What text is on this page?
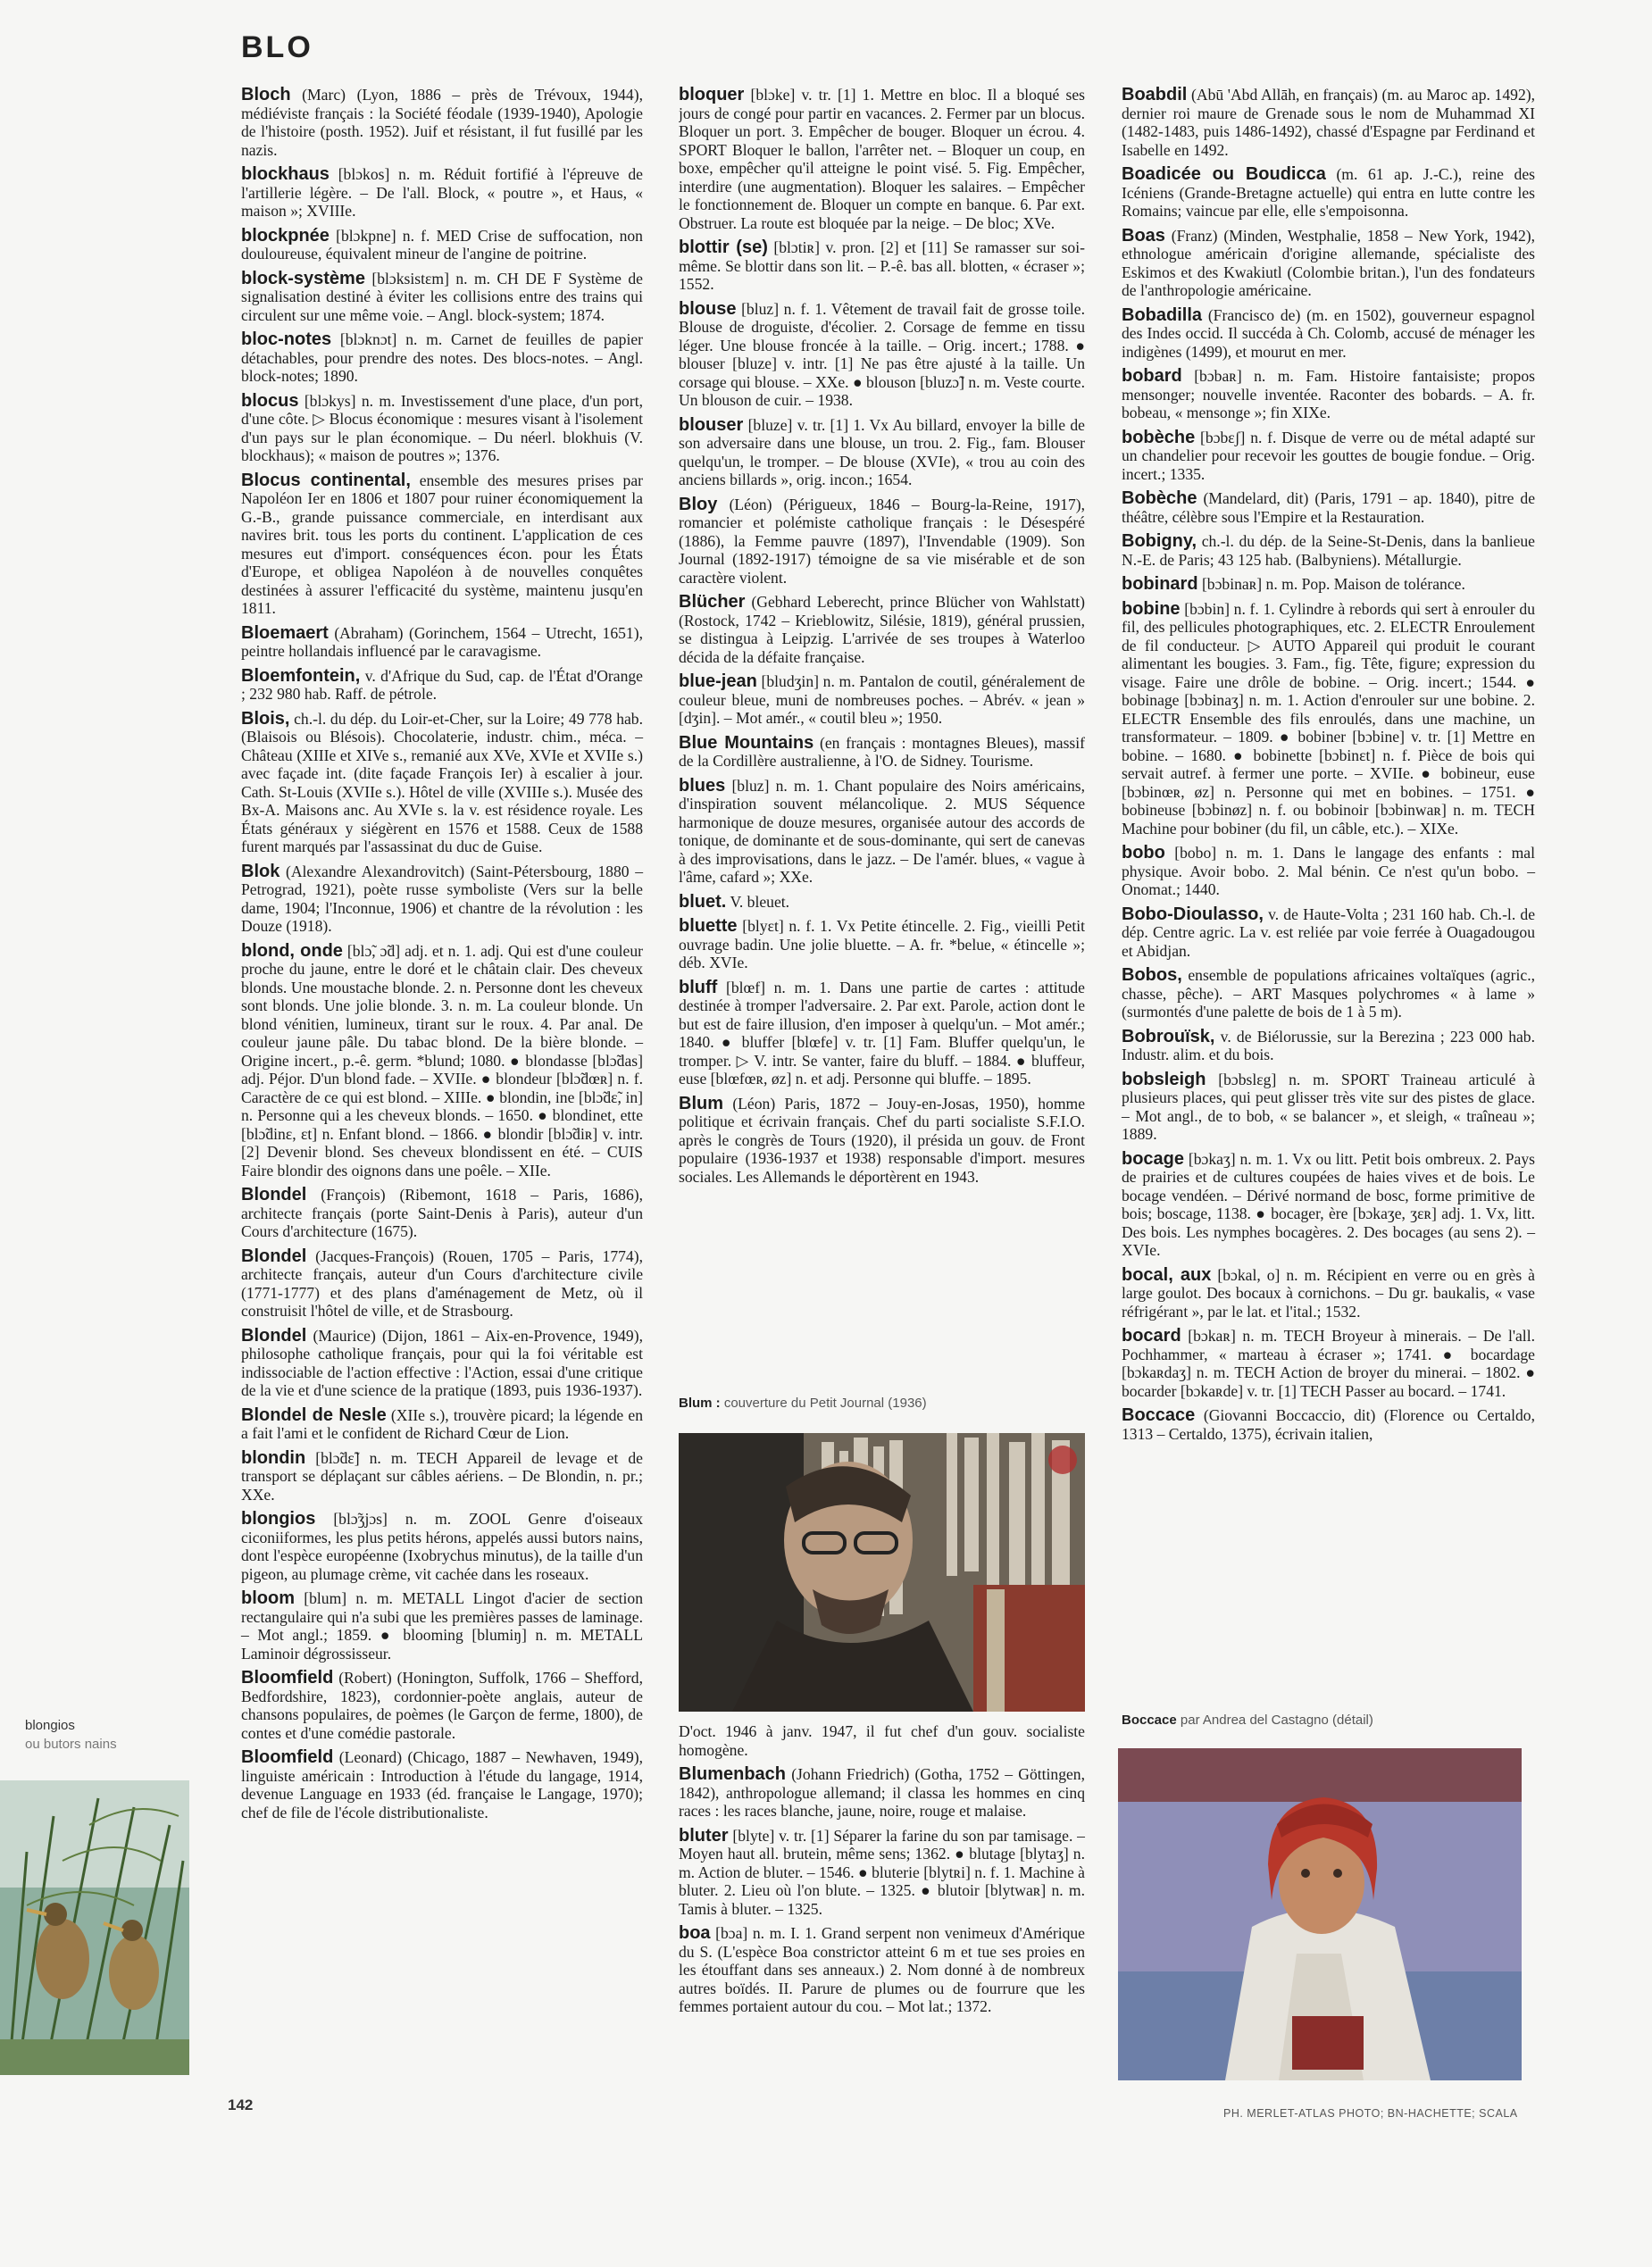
BLO
Bloch (Marc) (Lyon, 1886 – près de Trévoux, 1944), médiéviste français : la Société féodale (1939-1940), Apologie de l'histoire (posth. 1952). Juif et résistant, il fut fusillé par les nazis.
blockhaus [blɔkos] n. m. Réduit fortifié à l'épreuve de l'artillerie légère. – De l'all. Block, « poutre », et Haus, « maison »; XVIIIe.
blockpnée [blɔkpne] n. f. MED Crise de suffocation, non douloureuse, équivalent mineur de l'angine de poitrine.
block-système [blɔksistɛm] n. m. CH DE F Système de signalisation destiné à éviter les collisions entre des trains qui circulent sur une même voie. – Angl. block-system; 1874.
bloc-notes [blɔknɔt] n. m. Carnet de feuilles de papier détachables, pour prendre des notes. Des blocs-notes. – Angl. block-notes; 1890.
blocus [blɔkys] n. m. Investissement d'une place, d'un port, d'une côte. ▷ Blocus économique : mesures visant à l'isolement d'un pays sur le plan économique. – Du néerl. blokhuis (V. blockhaus); « maison de poutres »; 1376.
Blocus continental, ensemble des mesures prises par Napoléon Ier en 1806 et 1807 pour ruiner économiquement la G.-B., grande puissance commerciale, en interdisant aux navires brit. tous les ports du continent. L'application de ces mesures eut d'import. conséquences écon. pour les États d'Europe, et obligea Napoléon à de nouvelles conquêtes destinées à assurer l'efficacité du système, maintenu jusqu'en 1811.
Bloemaert (Abraham) (Gorinchem, 1564 – Utrecht, 1651), peintre hollandais influencé par le caravagisme.
Bloemfontein, v. d'Afrique du Sud, cap. de l'État d'Orange ; 232 980 hab. Raff. de pétrole.
Blois, ch.-l. du dép. du Loir-et-Cher, sur la Loire; 49 778 hab. (Blaisois ou Blésois). Chocolaterie, industr. chim., méca. – Château (XIIIe et XIVe s., remanié aux XVe, XVIe et XVIIe s.) avec façade int. (dite façade François Ier) à escalier à jour. Cath. St-Louis (XVIIe s.). Hôtel de ville (XVIIIe s.). Musée des Bx-A. Maisons anc. Au XVIe s. la v. est résidence royale. Les États généraux y siégèrent en 1576 et 1588. Ceux de 1588 furent marqués par l'assassinat du duc de Guise.
Blok (Alexandre Alexandrovitch) (Saint-Pétersbourg, 1880 – Petrograd, 1921), poète russe symboliste (Vers sur la belle dame, 1904; l'Inconnue, 1906) et chantre de la révolution : les Douze (1918).
blond, onde [blɔ̃, ɔ̃d] adj. et n. 1. adj. Qui est d'une couleur proche du jaune, entre le doré et le châtain clair. Des cheveux blonds. Une moustache blonde. 2. n. Personne dont les cheveux sont blonds. Une jolie blonde. 3. n. m. La couleur blonde. Un blond vénitien, lumineux, tirant sur le roux. 4. Par anal. De couleur jaune pâle. Du tabac blond. De la bière blonde. – Origine incert., p.-ê. germ. *blund; 1080. ● blondasse [blɔ̃das] adj. Péjor. D'un blond fade. – XVIIe. ● blondeur [blɔ̃dœʀ] n. f. Caractère de ce qui est blond. – XIIIe. ● blondin, ine [blɔ̃dɛ̃, in] n. Personne qui a les cheveux blonds. – 1650. ● blondinet, ette [blɔ̃dinɛ, ɛt] n. Enfant blond. – 1866. ● blondir [blɔ̃diʀ] v. intr. [2] Devenir blond. Ses cheveux blondissent en été. – CUIS Faire blondir des oignons dans une poêle. – XIIe.
Blondel (François) (Ribemont, 1618 – Paris, 1686), architecte français (porte Saint-Denis à Paris), auteur d'un Cours d'architecture (1675).
Blondel (Jacques-François) (Rouen, 1705 – Paris, 1774), architecte français, auteur d'un Cours d'architecture civile (1771-1777) et des plans d'aménagement de Metz, où il construisit l'hôtel de ville, et de Strasbourg.
Blondel (Maurice) (Dijon, 1861 – Aix-en-Provence, 1949), philosophe catholique français, pour qui la foi véritable est indissociable de l'action effective : l'Action, essai d'une critique de la vie et d'une science de la pratique (1893, puis 1936-1937).
Blondel de Nesle (XIIe s.), trouvère picard; la légende en a fait l'ami et le confident de Richard Cœur de Lion.
blondin [blɔ̃dɛ̃] n. m. TECH Appareil de levage et de transport se déplaçant sur câbles aériens. – De Blondin, n. pr.; XXe.
blongios [blɔ̃ʒjɔs] n. m. ZOOL Genre d'oiseaux ciconiiformes, les plus petits hérons, appelés aussi butors nains, dont l'espèce européenne (Ixobrychus minutus), de la taille d'un pigeon, au plumage crème, vit cachée dans les roseaux.
bloom [blum] n. m. METALL Lingot d'acier de section rectangulaire qui n'a subi que les premières passes de laminage. – Mot angl.; 1859. ● blooming [blumiŋ] n. m. METALL Laminoir dégrossisseur.
Bloomfield (Robert) (Honington, Suffolk, 1766 – Shefford, Bedfordshire, 1823), cordonnier-poète anglais, auteur de chansons populaires, de poèmes (le Garçon de ferme, 1800), de contes et d'une comédie pastorale.
Bloomfield (Leonard) (Chicago, 1887 – Newhaven, 1949), linguiste américain : Introduction à l'étude du langage, 1914, devenue Language en 1933 (éd. française le Langage, 1970); chef de file de l'école distributionaliste.
bloquer [blɔke] v. tr. [1] 1. Mettre en bloc. Il a bloqué ses jours de congé pour partir en vacances. 2. Fermer par un blocus. Bloquer un port. 3. Empêcher de bouger. Bloquer un écrou. 4. SPORT Bloquer le ballon, l'arrêter net. – Bloquer un coup, en boxe, empêcher qu'il atteigne le point visé. 5. Fig. Empêcher, interdire (une augmentation). Bloquer les salaires. – Empêcher le fonctionnement de. Bloquer un compte en banque. 6. Par ext. Obstruer. La route est bloquée par la neige. – De bloc; XVe.
blottir (se) [blɔtiʀ] v. pron. [2] et [11] Se ramasser sur soi-même. Se blottir dans son lit. – P.-ê. bas all. blotten, « écraser »; 1552.
blouse [bluz] n. f. 1. Vêtement de travail fait de grosse toile. Blouse de droguiste, d'écolier. 2. Corsage de femme en tissu léger. Une blouse froncée à la taille. – Orig. incert.; 1788. ● blouser [bluze] v. intr. [1] Ne pas être ajusté à la taille. Un corsage qui blouse. – XXe. ● blouson [bluzɔ̃] n. m. Veste courte. Un blouson de cuir. – 1938.
blouser [bluze] v. tr. [1] 1. Vx Au billard, envoyer la bille de son adversaire dans une blouse, un trou. 2. Fig., fam. Blouser quelqu'un, le tromper. – De blouse (XVIe), « trou au coin des anciens billards », orig. incon.; 1654.
Bloy (Léon) (Périgueux, 1846 – Bourg-la-Reine, 1917), romancier et polémiste catholique français : le Désespéré (1886), la Femme pauvre (1897), l'Invendable (1909). Son Journal (1892-1917) témoigne de sa vie misérable et de son caractère violent.
Blücher (Gebhard Leberecht, prince Blücher von Wahlstatt) (Rostock, 1742 – Krieblowitz, Silésie, 1819), général prussien, se distingua à Leipzig. L'arrivée de ses troupes à Waterloo décida de la défaite française.
blue-jean [bludʒin] n. m. Pantalon de coutil, généralement de couleur bleue, muni de nombreuses poches. – Abrév. « jean » [dʒin]. – Mot amér., « coutil bleu »; 1950.
Blue Mountains (en français : montagnes Bleues), massif de la Cordillère australienne, à l'O. de Sidney. Tourisme.
blues [bluz] n. m. 1. Chant populaire des Noirs américains, d'inspiration souvent mélancolique. 2. MUS Séquence harmonique de douze mesures, organisée autour des accords de tonique, de dominante et de sous-dominante, qui sert de canevas à des improvisations, dans le jazz. – De l'amér. blues, « vague à l'âme, cafard »; XXe.
bluet. V. bleuet.
bluette [blyɛt] n. f. 1. Vx Petite étincelle. 2. Fig., vieilli Petit ouvrage badin. Une jolie bluette. – A. fr. *belue, « étincelle »; déb. XVIe.
bluff [blœf] n. m. 1. Dans une partie de cartes : attitude destinée à tromper l'adversaire. 2. Par ext. Parole, action dont le but est de faire illusion, d'en imposer à quelqu'un. – Mot amér.; 1840. ● bluffer [blœfe] v. tr. [1] Fam. Bluffer quelqu'un, le tromper. ▷ V. intr. Se vanter, faire du bluff. – 1884. ● bluffeur, euse [blœfœʀ, øz] n. et adj. Personne qui bluffe. – 1895.
Blum (Léon) Paris, 1872 – Jouy-en-Josas, 1950), homme politique et écrivain français. Chef du parti socialiste S.F.I.O. après le congrès de Tours (1920), il présida un gouv. de Front populaire (1936-1937 et 1938) responsable d'import. mesures sociales. Les Allemands le déportèrent en 1943.
Blum : couverture du Petit Journal (1936)
D'oct. 1946 à janv. 1947, il fut chef d'un gouv. socialiste homogène.
Blumenbach (Johann Friedrich) (Gotha, 1752 – Göttingen, 1842), anthropologue allemand; il classa les hommes en cinq races : les races blanche, jaune, noire, rouge et malaise.
bluter [blyte] v. tr. [1] Séparer la farine du son par tamisage. – Moyen haut all. brutein, même sens; 1362. ● blutage [blytaʒ] n. m. Action de bluter. – 1546. ● bluterie [blytʀi] n. f. 1. Machine à bluter. 2. Lieu où l'on blute. – 1325. ● blutoir [blytwaʀ] n. m. Tamis à bluter. – 1325.
boa [bɔa] n. m. I. 1. Grand serpent non venimeux d'Amérique du S. (L'espèce Boa constrictor atteint 6 m et tue ses proies en les étouffant dans ses anneaux.) 2. Nom donné à de nombreux autres boïdés. II. Parure de plumes ou de fourrure que les femmes portaient autour du cou. – Mot lat.; 1372.
Boabdil (Abū 'Abd Allāh, en français) (m. au Maroc ap. 1492), dernier roi maure de Grenade sous le nom de Muhammad XI (1482-1483, puis 1486-1492), chassé d'Espagne par Ferdinand et Isabelle en 1492.
Boadicée ou Boudicca (m. 61 ap. J.-C.), reine des Icéniens (Grande-Bretagne actuelle) qui entra en lutte contre les Romains; vaincue par elle, elle s'empoisonna.
Boas (Franz) (Minden, Westphalie, 1858 – New York, 1942), ethnologue américain d'origine allemande, spécialiste des Eskimos et des Kwakiutl (Colombie britan.), l'un des fondateurs de l'anthropologie américaine.
Bobadilla (Francisco de) (m. en 1502), gouverneur espagnol des Indes occid. Il succéda à Ch. Colomb, accusé de ménager les indigènes (1499), et mourut en mer.
bobard [bɔbaʀ] n. m. Fam. Histoire fantaisiste; propos mensonger; nouvelle inventée. Raconter des bobards. – A. fr. bobeau, « mensonge »; fin XIXe.
bobèche [bɔbɛʃ] n. f. Disque de verre ou de métal adapté sur un chandelier pour recevoir les gouttes de bougie fondue. – Orig. incert.; 1335.
Bobèche (Mandelard, dit) (Paris, 1791 – ap. 1840), pitre de théâtre, célèbre sous l'Empire et la Restauration.
Bobigny, ch.-l. du dép. de la Seine-St-Denis, dans la banlieue N.-E. de Paris; 43 125 hab. (Balbyniens). Métallurgie.
bobinard [bɔbinaʀ] n. m. Pop. Maison de tolérance.
bobine [bɔbin] n. f. 1. Cylindre à rebords qui sert à enrouler du fil, des pellicules photographiques, etc. 2. ELECTR Enroulement de fil conducteur. ▷ AUTO Appareil qui produit le courant alimentant les bougies. 3. Fam., fig. Tête, figure; expression du visage. Faire une drôle de bobine. – Orig. incert.; 1544. ● bobinage [bɔbinaʒ] n. m. 1. Action d'enrouler sur une bobine. 2. ELECTR Ensemble des fils enroulés, dans une machine, un transformateur. – 1809. ● bobiner [bɔbine] v. tr. [1] Mettre en bobine. – 1680. ● bobinette [bɔbinɛt] n. f. Pièce de bois qui servait autref. à fermer une porte. – XVIIe. ● bobineur, euse [bɔbinœʀ, øz] n. Personne qui met en bobines. – 1751. ● bobineuse [bɔbinøz] n. f. ou bobinoir [bɔbinwaʀ] n. m. TECH Machine pour bobiner (du fil, un câble, etc.). – XIXe.
bobo [bobo] n. m. 1. Dans le langage des enfants : mal physique. Avoir bobo. 2. Mal bénin. Ce n'est qu'un bobo. – Onomat.; 1440.
Bobo-Dioulasso, v. de Haute-Volta ; 231 160 hab. Ch.-l. de dép. Centre agric. La v. est reliée par voie ferrée à Ouagadougou et Abidjan.
Bobos, ensemble de populations africaines voltaïques (agric., chasse, pêche). – ART Masques polychromes « à lame » (surmontés d'une palette de bois de 1 à 5 m).
Bobrouïsk, v. de Biélorussie, sur la Berezina ; 223 000 hab. Industr. alim. et du bois.
bobsleigh [bɔbslɛg] n. m. SPORT Traineau articulé à plusieurs places, qui peut glisser très vite sur des pistes de glace. – Mot angl., de to bob, « se balancer », et sleigh, « traîneau »; 1889.
bocage [bɔkaʒ] n. m. 1. Vx ou litt. Petit bois ombreux. 2. Pays de prairies et de cultures coupées de haies vives et de bois. Le bocage vendéen. – Dérivé normand de bosc, forme primitive de bois; boscage, 1138. ● bocager, ère [bɔkaʒe, ʒɛʀ] adj. 1. Vx, litt. Des bois. Les nymphes bocagères. 2. Des bocages (au sens 2). – XVIe.
bocal, aux [bɔkal, o] n. m. Récipient en verre ou en grès à large goulot. Des bocaux à cornichons. – Du gr. baukalis, « vase réfrigérant », par le lat. et l'ital.; 1532.
bocard [bɔkaʀ] n. m. TECH Broyeur à minerais. – De l'all. Pochhammer, « marteau à écraser »; 1741. ● bocardage [bɔkaʀdaʒ] n. m. TECH Action de broyer du minerai. – 1802. ● bocarder [bɔkaʀde] v. tr. [1] TECH Passer au bocard. – 1741.
Boccace (Giovanni Boccaccio, dit) (Florence ou Certaldo, 1313 – Certaldo, 1375), écrivain italien,
Boccace par Andrea del Castagno (détail)
blongios
ou butors nains
142	PH. MERLET-ATLAS PHOTO; BN-HACHETTE; SCALA
